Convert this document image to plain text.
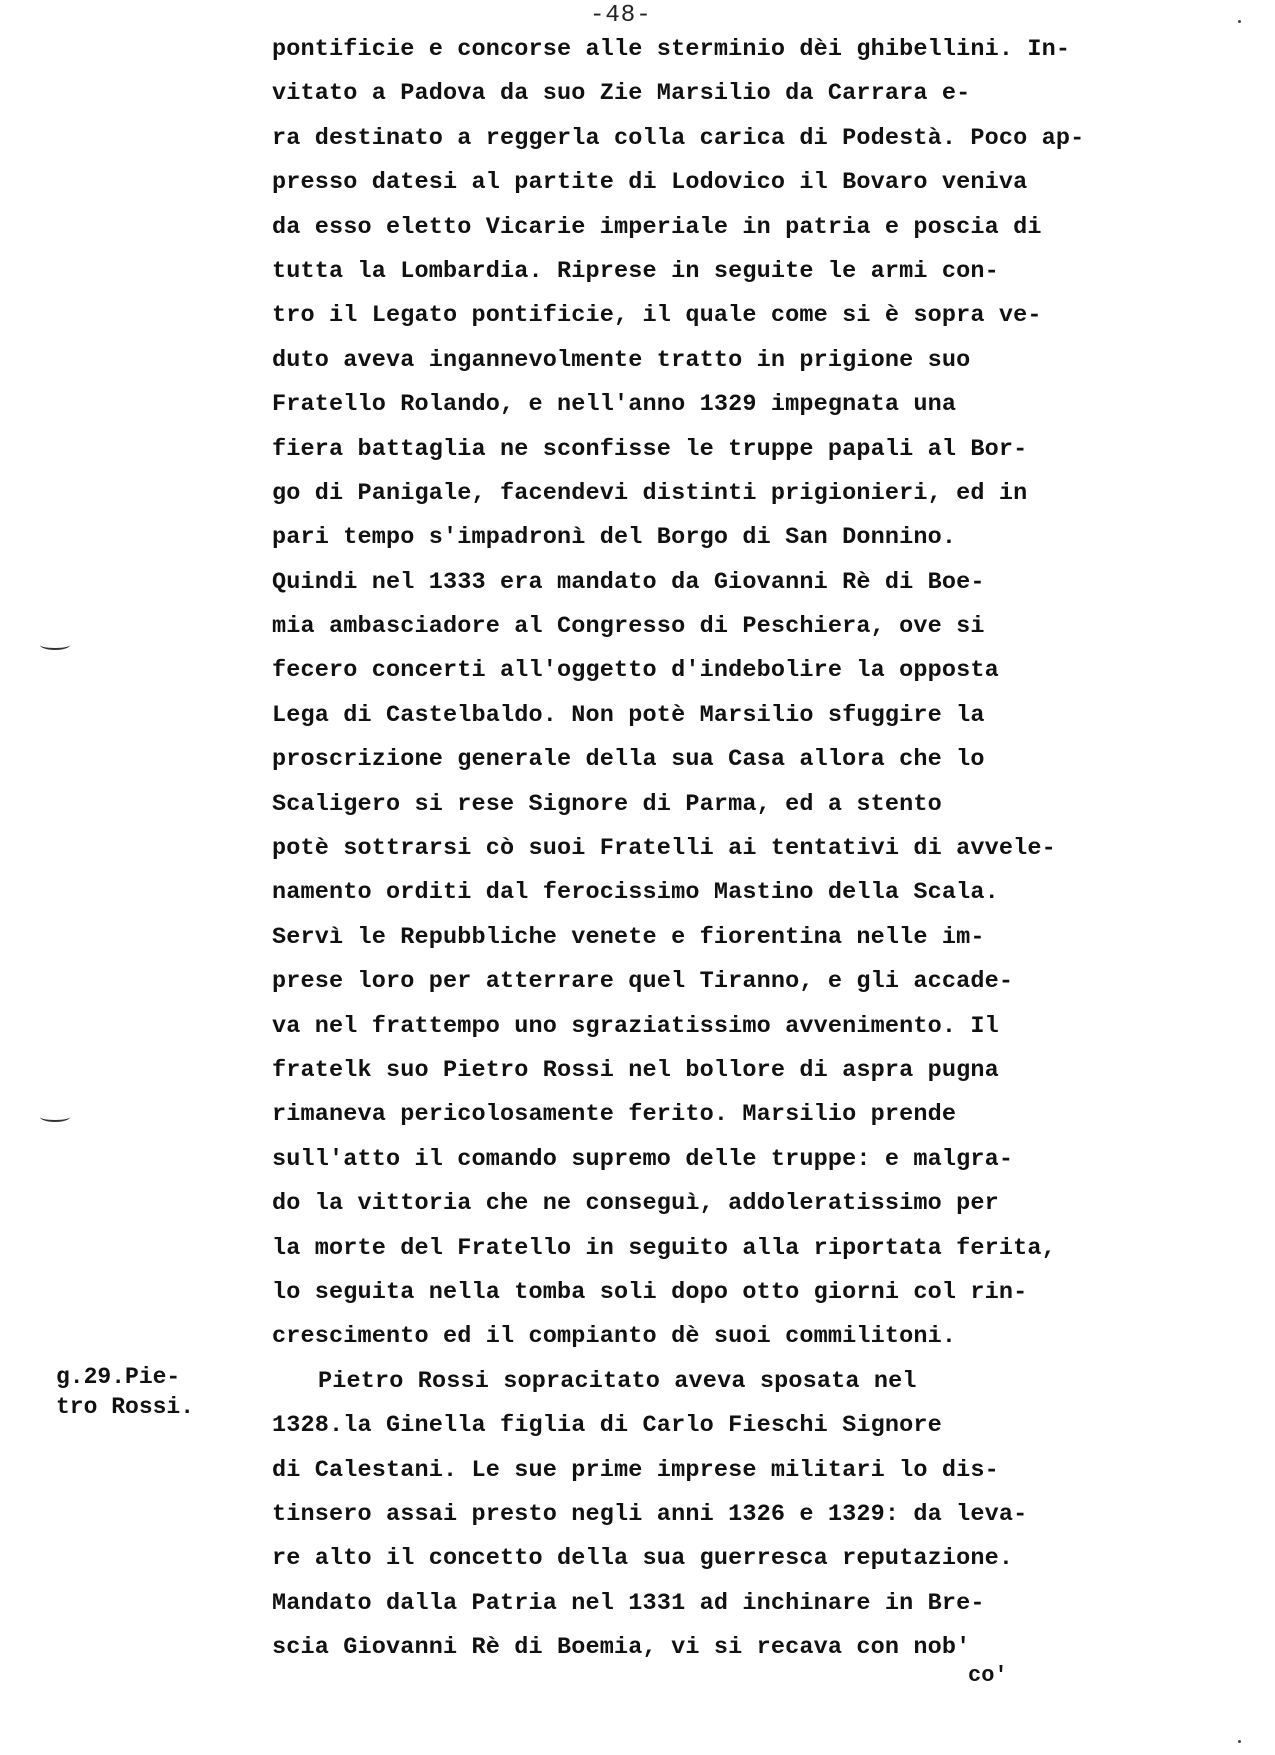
-48-
pontificie e concorse alle sterminio dèi ghibellini. In-
vitato a Padova da suo Zie Marsilio da Carrara e-
ra destinato a reggerla colla carica di Podestà. Poco ap-
presso datesi al partite di Lodovico il Bovaro veniva
da esso eletto Vicarie imperiale in patria e poscia di
tutta la Lombardia. Riprese in seguite le armi con-
tro il Legato pontificie, il quale come si è sopra ve-
duto aveva ingannevolmente tratto in prigione suo
Fratello Rolando, e nell'anno 1329 impegnata una
fiera battaglia ne sconfisse le truppe papali al Bor-
go di Panigale, facendevi distinti prigionieri, ed in
pari tempo s'impadronì del Borgo di San Donnino.
Quindi nel 1333 era mandato da Giovanni Rè di Boe-
mia ambasciadore al Congresso di Peschiera, ove si
fecero concerti all'oggetto d'indebolire la opposta
Lega di Castelbaldo. Non potè Marsilio sfuggire la
proscrizione generale della sua Casa allora che lo
Scaligero si rese Signore di Parma, ed a stento
potè sottrarsi cò suoi Fratelli ai tentativi di avvele-
namento orditi dal ferocissimo Mastino della Scala.
Servì le Repubbliche venete e fiorentina nelle im-
prese loro per atterrare quel Tiranno, e gli accade-
va nel frattempo uno sgraziatissimo avvenimento. Il
fratelk suo Pietro Rossi nel bollore di aspra pugna
rimaneva pericolosamente ferito. Marsilio prende
sull'atto il comando supremo delle truppe: e malgra-
do la vittoria che ne conseguì, addoleratissimo per
la morte del Fratello in seguito alla riportata ferita,
lo seguita nella tomba soli dopo otto giorni col rin-
crescimento ed il compianto dè suoi commilitoni.
Pietro Rossi sopracitato aveva sposata nel
1328.la Ginella figlia di Carlo Fieschi Signore
di Calestani. Le sue prime imprese militari lo dis-
tinsero assai presto negli anni 1326 e 1329: da leva-
re alto il concetto della sua guerresca reputazione.
Mandato dalla Patria nel 1331 ad inchinare in Bre-
scia Giovanni Rè di Boemia, vi si recava con nob'
g.29.Pie-
tro Rossi.
co'
